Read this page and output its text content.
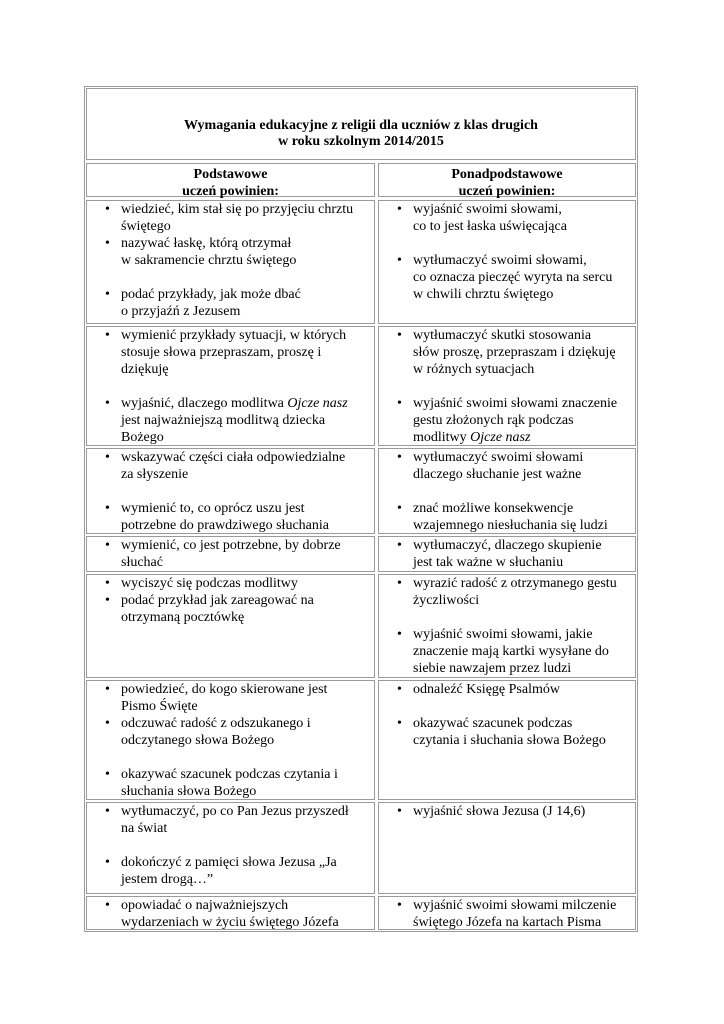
Wymagania edukacyjne z religii dla uczniów z klas drugich
w roku szkolnym 2014/2015
Podstawowe
uczeń powinien:
Ponadpodstawowe
uczeń powinien:
• wiedzieć, kim stał się po przyjęciu chrztu
świętego
• nazywać łaskę, którą otrzymał
w sakramencie chrztu świętego
• podać przykłady, jak może dbać
o przyjaźń z Jezusem
• wyjaśnić swoimi słowami,
co to jest łaska uświęcająca
• wytłumaczyć swoimi słowami,
co oznacza pieczęć wyryta na sercu
w chwili chrztu świętego
• wymienić przykłady sytuacji, w których
stosuje słowa przepraszam, proszę i
dziękuję
• wyjaśnić, dlaczego modlitwa Ojcze nasz
jest najważniejszą modlitwą dziecka
Bożego
• wytłumaczyć skutki stosowania
słów proszę, przepraszam i dziękuję
w różnych sytuacjach
• wyjaśnić swoimi słowami znaczenie
gestu złożonych rąk podczas
modlitwy Ojcze nasz
• wskazywać części ciała odpowiedzialne
za słyszenie
• wymienić to, co oprócz uszu jest
potrzebne do prawdziwego słuchania
• wytłumaczyć swoimi słowami
dlaczego słuchanie jest ważne
• znać możliwe konsekwencje
wzajemnego niesłuchania się ludzi
• wymienić, co jest potrzebne, by dobrze
słuchać
• wytłumaczyć, dlaczego skupienie
jest tak ważne w słuchaniu
• wyciszyć się podczas modlitwy
• podać przykład jak zareagować na
otrzymaną pocztówkę
• wyrazić radość z otrzymanego gestu
życzliwości
• wyjaśnić swoimi słowami, jakie
znaczenie mają kartki wysyłane do
siebie nawzajem przez ludzi
• powiedzieć, do kogo skierowane jest
Pismo Święte
• odczuwać radość z odszukanego i
odczytanego słowa Bożego
• okazywać szacunek podczas czytania i
słuchania słowa Bożego
• odnaleźć Księgę Psalmów
• okazywać szacunek podczas
czytania i słuchania słowa Bożego
• wytłumaczyć, po co Pan Jezus przyszedł
na świat
• dokończyć z pamięci słowa Jezusa „Ja
jestem drogą…”
• wyjaśnić słowa Jezusa (J 14,6)
• opowiadać o najważniejszych
wydarzeniach w życiu świętego Józefa
• wyjaśnić swoimi słowami milczenie
świętego Józefa na kartach Pisma
